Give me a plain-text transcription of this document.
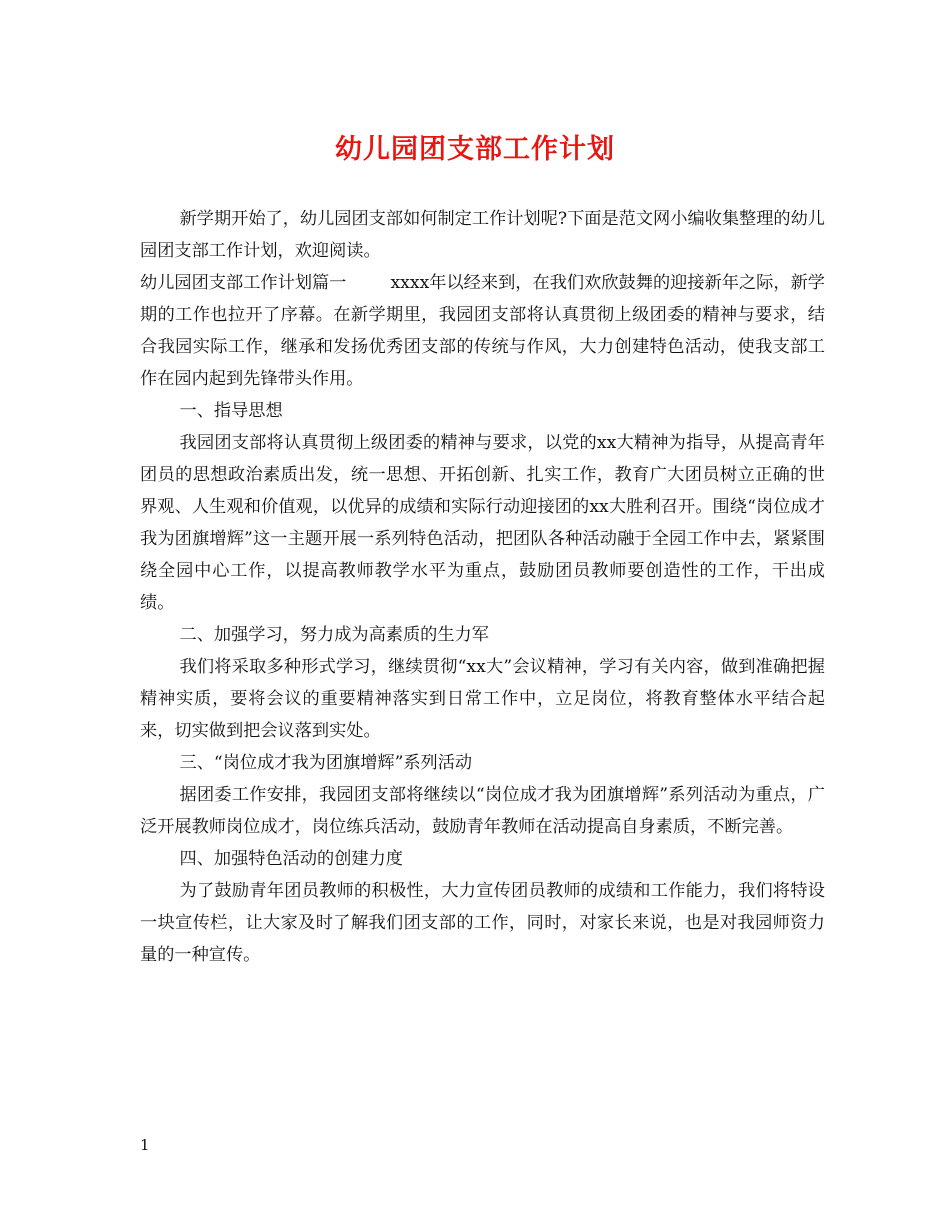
幼儿园团支部工作计划

新学期开始了，幼儿园团支部如何制定工作计划呢?下面是范文网小编收集整理的幼儿园团支部工作计划，欢迎阅读。

幼儿园团支部工作计划篇一	xxxx年以经来到，在我们欢欣鼓舞的迎接新年之际，新学期的工作也拉开了序幕。在新学期里，我园团支部将认真贯彻上级团委的精神与要求，结合我园实际工作，继承和发扬优秀团支部的传统与作风，大力创建特色活动，使我支部工作在园内起到先锋带头作用。

一、指导思想

我园团支部将认真贯彻上级团委的精神与要求，以党的xx大精神为指导，从提高青年团员的思想政治素质出发，统一思想、开拓创新、扎实工作，教育广大团员树立正确的世界观、人生观和价值观，以优异的成绩和实际行动迎接团的xx大胜利召开。围绕“岗位成才我为团旗增辉”这一主题开展一系列特色活动，把团队各种活动融于全园工作中去，紧紧围绕全园中心工作，以提高教师教学水平为重点，鼓励团员教师要创造性的工作，干出成绩。

二、加强学习，努力成为高素质的生力军

我们将采取多种形式学习，继续贯彻“xx大”会议精神，学习有关内容，做到准确把握精神实质，要将会议的重要精神落实到日常工作中，立足岗位，将教育整体水平结合起来，切实做到把会议落到实处。

三、“岗位成才我为团旗增辉”系列活动

据团委工作安排，我园团支部将继续以“岗位成才我为团旗增辉”系列活动为重点，广泛开展教师岗位成才，岗位练兵活动，鼓励青年教师在活动提高自身素质，不断完善。

四、加强特色活动的创建力度

为了鼓励青年团员教师的积极性，大力宣传团员教师的成绩和工作能力，我们将特设一块宣传栏，让大家及时了解我们团支部的工作，同时，对家长来说，也是对我园师资力量的一种宣传。

1
